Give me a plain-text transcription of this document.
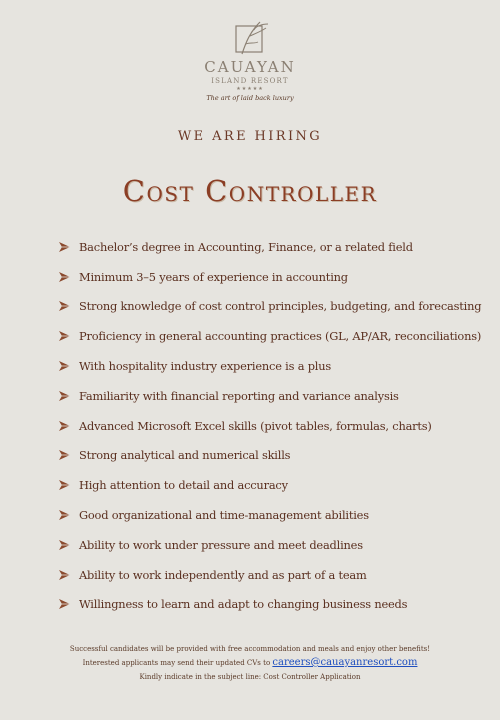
CAUAYAN
ISLAND RESORT
★★★★★
The art of laid back luxury
WE ARE HIRING
Cost Controller
Bachelor’s degree in Accounting, Finance, or a related field
Minimum 3–5 years of experience in accounting
Strong knowledge of cost control principles, budgeting, and forecasting
Proficiency in general accounting practices (GL, AP/AR, reconciliations)
With hospitality industry experience is a plus
Familiarity with financial reporting and variance analysis
Advanced Microsoft Excel skills (pivot tables, formulas, charts)
Strong analytical and numerical skills
High attention to detail and accuracy
Good organizational and time-management abilities
Ability to work under pressure and meet deadlines
Ability to work independently and as part of a team
Willingness to learn and adapt to changing business needs
Successful candidates will be provided with free accommodation and meals and enjoy other benefits!
Interested applicants may send their updated CVs to careers@cauayanresort.com
Kindly indicate in the subject line: Cost Controller Application
